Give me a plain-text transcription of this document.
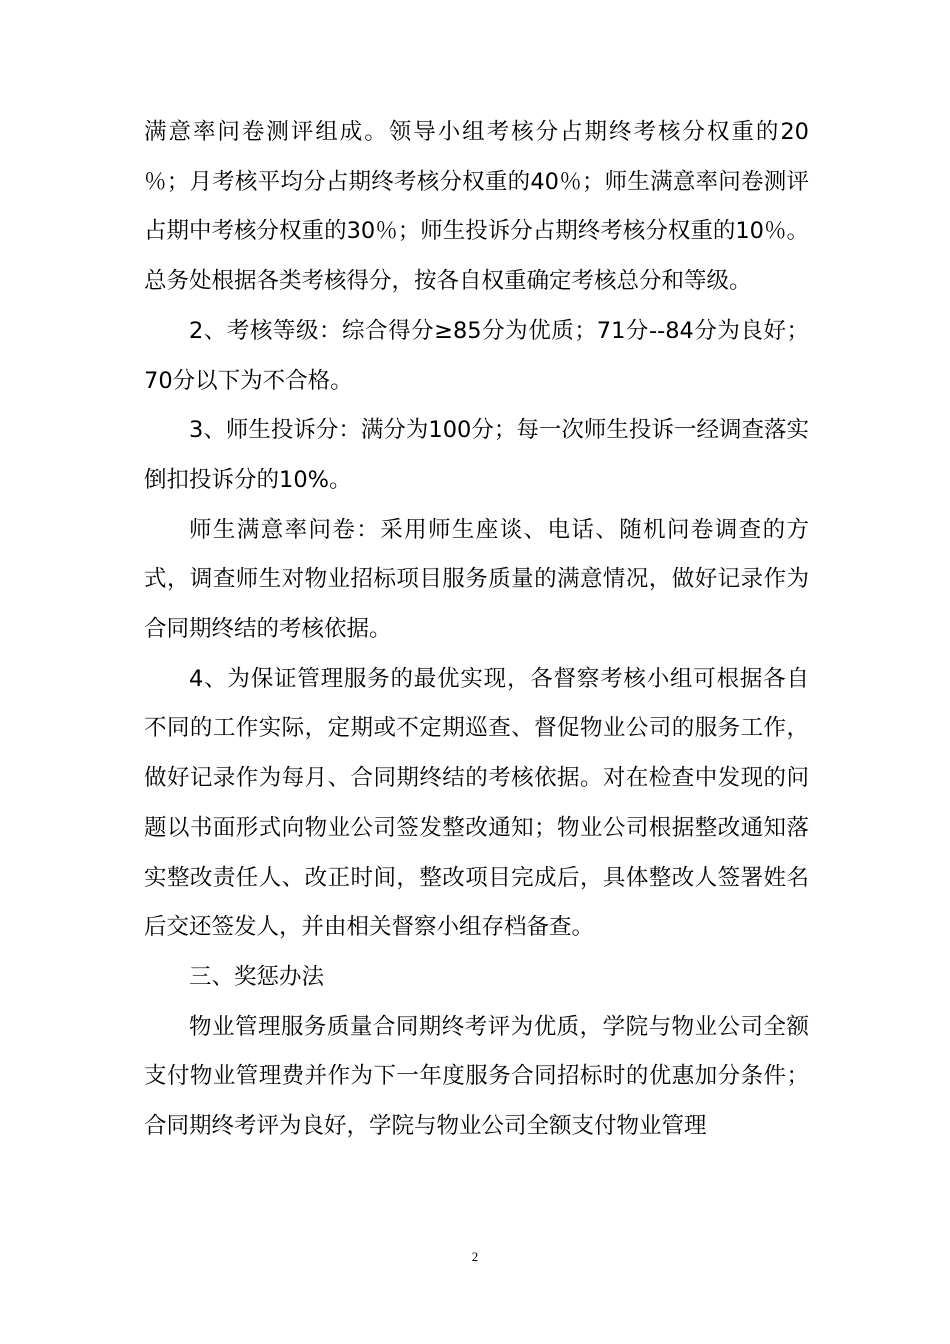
满意率问卷测评组成。领导小组考核分占期终考核分权重的20 ％；月考核平均分占期终考核分权重的40％；师生满意率问卷测评占期中考核分权重的30％；师生投诉分占期终考核分权重的10％。总务处根据各类考核得分，按各自权重确定考核总分和等级。

2、考核等级：综合得分≥85分为优质；71分--84分为良好； 70分以下为不合格。

3、师生投诉分：满分为100分；每一次师生投诉一经调查落实倒扣投诉分的10%。

师生满意率问卷：采用师生座谈、电话、随机问卷调查的方式，调查师生对物业招标项目服务质量的满意情况，做好记录作为合同期终结的考核依据。

4、为保证管理服务的最优实现，各督察考核小组可根据各自不同的工作实际，定期或不定期巡查、督促物业公司的服务工作，做好记录作为每月、合同期终结的考核依据。对在检查中发现的问题以书面形式向物业公司签发整改通知；物业公司根据整改通知落实整改责任人、改正时间，整改项目完成后，具体整改人签署姓名后交还签发人，并由相关督察小组存档备查。

三、奖惩办法

物业管理服务质量合同期终考评为优质，学院与物业公司全额支付物业管理费并作为下一年度服务合同招标时的优惠加分条件；合同期终考评为良好，学院与物业公司全额支付物业管理

2
